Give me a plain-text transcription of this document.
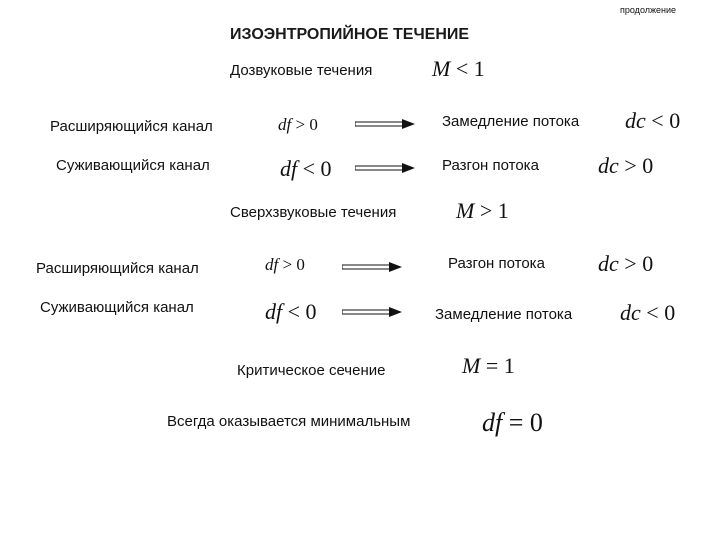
продолжение
ИЗОЭНТРОПИЙНОЕ ТЕЧЕНИЕ
Дозвуковые течения	M < 1
Расширяющийся канал	df > 0	Замедление потока dc < 0
Суживающийся канал	df < 0	Разгон потока	dc > 0
Сверхзвуковые течения	M > 1
Расширяющийся канал	df > 0	Разгон потока dc > 0
Суживающийся канал	df < 0	Замедление потока dc < 0
Критическое сечение	M = 1
Всегда оказывается минимальным	df = 0
